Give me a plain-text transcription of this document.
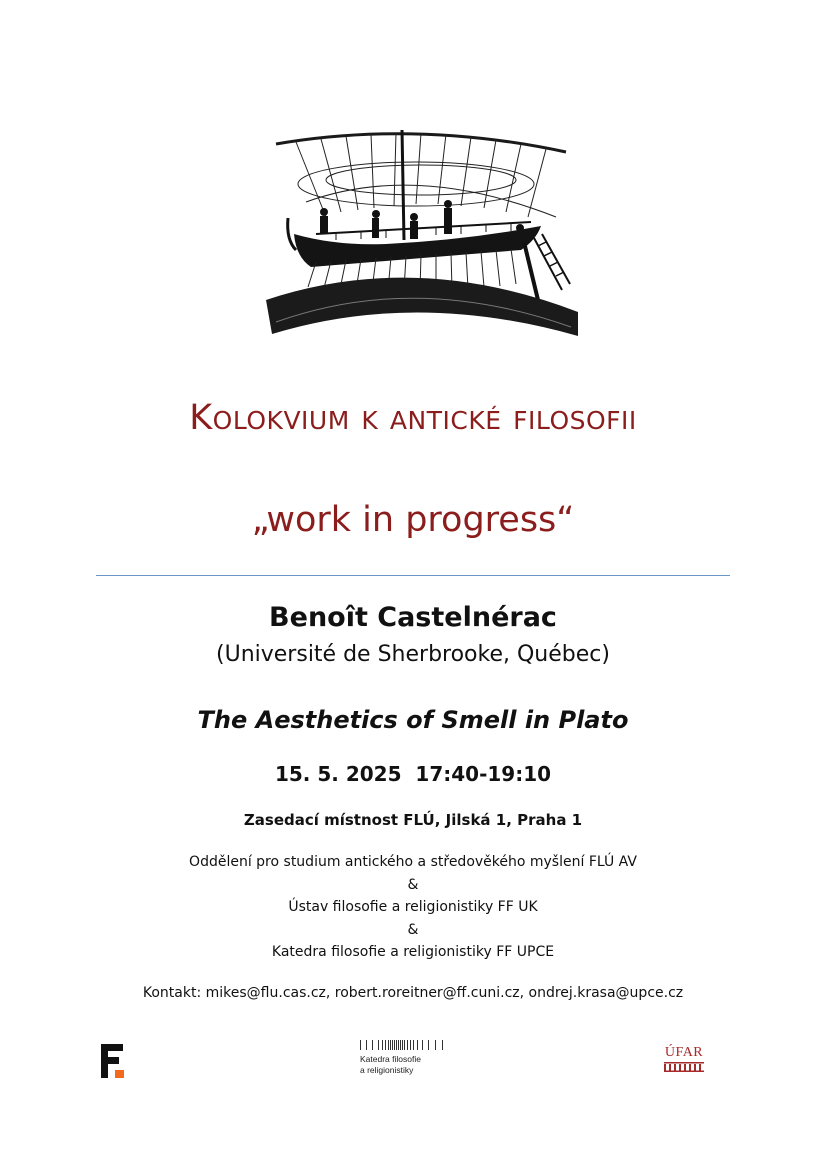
Kolokvium k antické filosofii
„work in progress“
Benoît Castelnérac
(Université de Sherbrooke, Québec)
The Aesthetics of Smell in Plato
15. 5. 2025  17:40-19:10
Zasedací místnost FLÚ, Jilská 1, Praha 1
Oddělení pro studium antického a středověkého myšlení FLÚ AV
&
Ústav filosofie a religionistiky FF UK
&
Katedra filosofie a religionistiky FF UPCE
Kontakt: mikes@flu.cas.cz, robert.roreitner@ff.cuni.cz, ondrej.krasa@upce.cz
Katedra filosofie
a religionistiky
ÚFAR
